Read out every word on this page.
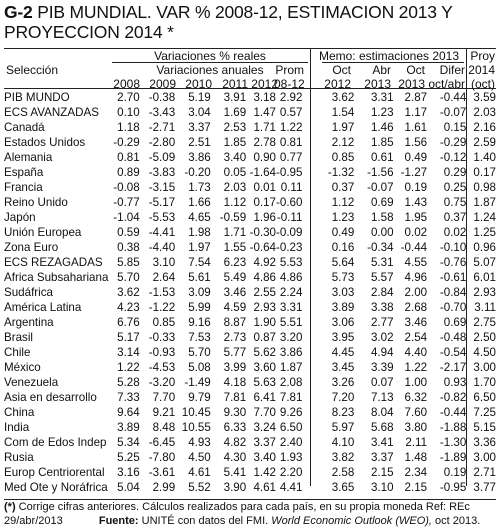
G-2 PIB MUNDIAL. VAR % 2008-12, ESTIMACION 2013 Y PROYECCION 2014 *
Variaciones % reales
Variaciones anuales
Memo: estimaciones 2013 Proy
Selección	Prom	Oct	Abr	Oct	Difer 2014
2008 2009 2010 2011 2012
08-12	2012	2013 2013 oct/abr (oct)
PIB MUNDO	2.70	-0.38	5.19	3.91	3.18	2.92	3.62	3.31	2.87	-0.44	3.59
ECS AVANZADAS	0.10	-3.43	3.04	1.69	1.47	0.57	1.54	1.23	1.17	-0.07	2.03
Canadá	1.18	-2.71	3.37	2.53	1.71	1.22	1.97	1.46	1.61	0.15	2.16
Estados Unidos	-0.29	-2.80	2.51	1.85	2.78	0.81	2.12	1.85	1.56	-0.29	2.59
Alemania	0.81	-5.09	3.86	3.40	0.90	0.77	0.85	0.61	0.49	-0.12	1.40
España	0.89	-3.83	-0.20	0.05	-1.64	-0.95	-1.32	-1.56	-1.27	0.29	0.17
Francia	-0.08	-3.15	1.73	2.03	0.01	0.11	0.37	-0.07	0.19	0.25	0.98
Reino Unido	-0.77	-5.17	1.66	1.12	0.17	-0.60	1.12	0.69	1.43	0.75	1.87
Japón	-1.04	-5.53	4.65	-0.59	1.96	-0.11	1.23	1.58	1.95	0.37	1.24
Unión Europea	0.59	-4.41	1.98	1.71	-0.30	-0.09	0.49	0.00	0.02	0.02	1.25
Zona Euro	0.38	-4.40	1.97	1.55	-0.64	-0.23	0.16	-0.34	-0.44	-0.10	0.96
ECS REZAGADAS	5.85	3.10	7.54	6.23	4.92	5.53	5.64	5.31	4.55	-0.76	5.07
Africa Subsahariana	5.70	2.64	5.61	5.49	4.86	4.86	5.73	5.57	4.96	-0.61	6.01
Sudáfrica	3.62	-1.53	3.09	3.46	2.55	2.24	3.03	2.84	2.00	-0.84	2.93
América Latina	4.23	-1.22	5.99	4.59	2.93	3.31	3.89	3.38	2.68	-0.70	3.11
Argentina	6.76	0.85	9.16	8.87	1.90	5.51	3.06	2.77	3.46	0.69	2.75
Brasil	5.17	-0.33	7.53	2.73	0.87	3.20	3.95	3.02	2.54	-0.48	2.50
Chile	3.14	-0.93	5.70	5.77	5.62	3.86	4.45	4.94	4.40	-0.54	4.50
México	1.22	-4.53	5.08	3.99	3.60	1.87	3.45	3.39	1.22	-2.17	3.00
Venezuela	5.28	-3.20	-1.49	4.18	5.63	2.08	3.26	0.07	1.00	0.93	1.70
Asia en desarrollo	7.33	7.70	9.79	7.81	6.41	7.81	7.20	7.13	6.32	-0.82	6.50
China	9.64	9.21	10.45	9.30	7.70	9.26	8.23	8.04	7.60	-0.44	7.25
India	3.89	8.48	10.55	6.33	3.24	6.50	5.97	5.68	3.80	-1.88	5.15
Com de Edos Indep	5.34	-6.45	4.93	4.82	3.37	2.40	4.10	3.41	2.11	-1.30	3.36
Rusia	5.25	-7.80	4.50	4.30	3.40	1.93	3.82	3.37	1.48	-1.89	3.00
Europ Centriorental	3.16	-3.61	4.61	5.41	1.42	2.20	2.58	2.15	2.34	0.19	2.71
Med Ote y Noráfrica	5.04	2.99	5.52	3.90	4.61	4.41	3.65	3.10	2.15	-0.95	3.77
(*) Corrige cifras anteriores. Cálculos realizados para cada país, en su propia moneda Ref: REc
29/abr/2013	Fuente: UNITÉ con datos del FMI. World Economic Outlook (WEO), oct 2013.
